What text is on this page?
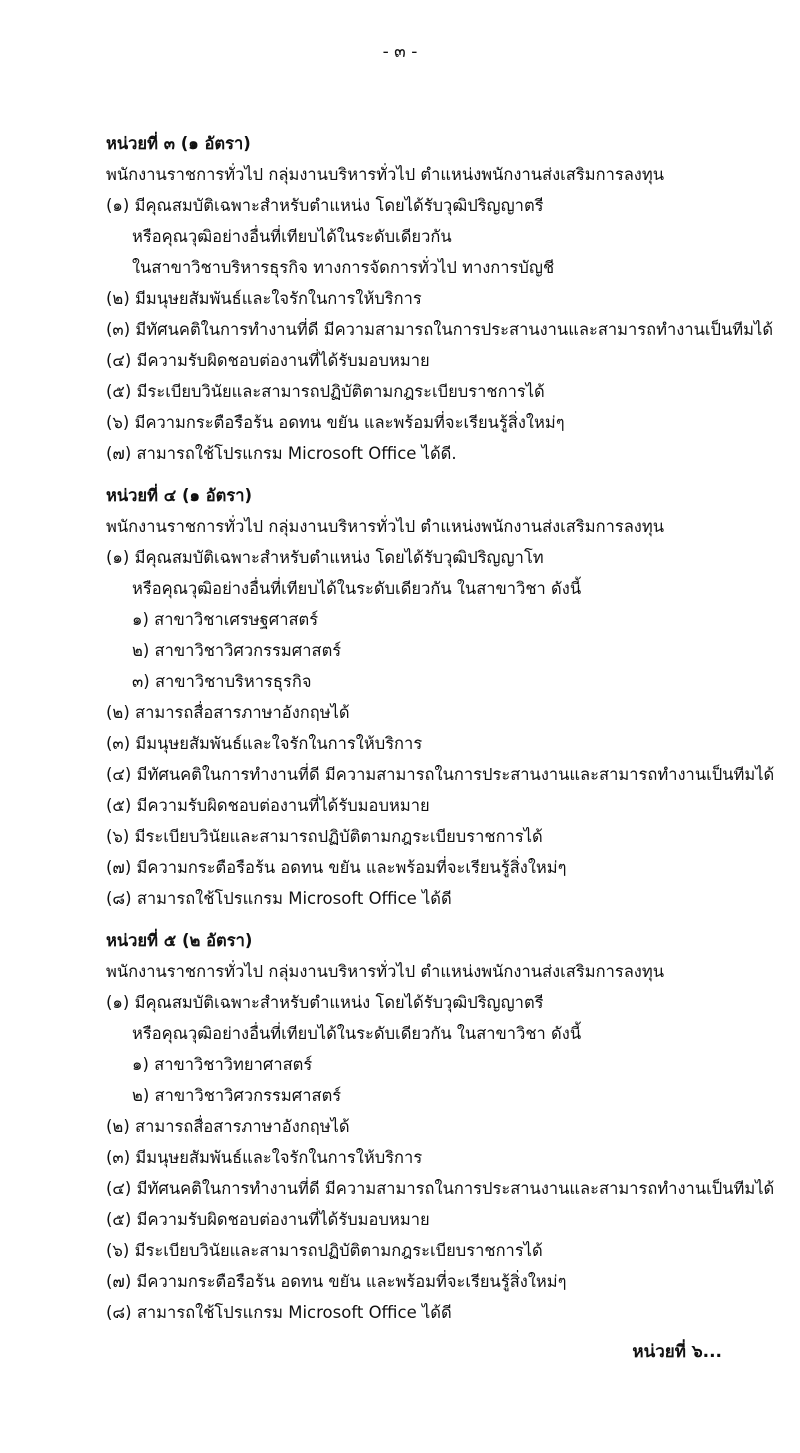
- ๓ -
หน่วยที่ ๓ (๑ อัตรา)
พนักงานราชการทั่วไป กลุ่มงานบริหารทั่วไป ตำแหน่งพนักงานส่งเสริมการลงทุน
(๑) มีคุณสมบัติเฉพาะสำหรับตำแหน่ง โดยได้รับวุฒิปริญญาตรี
หรือคุณวุฒิอย่างอื่นที่เทียบได้ในระดับเดียวกัน
ในสาขาวิชาบริหารธุรกิจ ทางการจัดการทั่วไป ทางการบัญชี
(๒) มีมนุษยสัมพันธ์และใจรักในการให้บริการ
(๓) มีทัศนคติในการทำงานที่ดี มีความสามารถในการประสานงานและสามารถทำงานเป็นทีมได้
(๔) มีความรับผิดชอบต่องานที่ได้รับมอบหมาย
(๕) มีระเบียบวินัยและสามารถปฏิบัติตามกฎระเบียบราชการได้
(๖) มีความกระตือรือร้น อดทน ขยัน และพร้อมที่จะเรียนรู้สิ่งใหม่ๆ
(๗) สามารถใช้โปรแกรม Microsoft Office ได้ดี.
หน่วยที่ ๔ (๑ อัตรา)
พนักงานราชการทั่วไป กลุ่มงานบริหารทั่วไป ตำแหน่งพนักงานส่งเสริมการลงทุน
(๑) มีคุณสมบัติเฉพาะสำหรับตำแหน่ง โดยได้รับวุฒิปริญญาโท
หรือคุณวุฒิอย่างอื่นที่เทียบได้ในระดับเดียวกัน ในสาขาวิชา ดังนี้
๑) สาขาวิชาเศรษฐศาสตร์
๒) สาขาวิชาวิศวกรรมศาสตร์
๓) สาขาวิชาบริหารธุรกิจ
(๒) สามารถสื่อสารภาษาอังกฤษได้
(๓) มีมนุษยสัมพันธ์และใจรักในการให้บริการ
(๔) มีทัศนคติในการทำงานที่ดี มีความสามารถในการประสานงานและสามารถทำงานเป็นทีมได้
(๕) มีความรับผิดชอบต่องานที่ได้รับมอบหมาย
(๖) มีระเบียบวินัยและสามารถปฏิบัติตามกฎระเบียบราชการได้
(๗) มีความกระตือรือร้น อดทน ขยัน และพร้อมที่จะเรียนรู้สิ่งใหม่ๆ
(๘) สามารถใช้โปรแกรม Microsoft Office ได้ดี
หน่วยที่ ๕ (๒ อัตรา)
พนักงานราชการทั่วไป กลุ่มงานบริหารทั่วไป ตำแหน่งพนักงานส่งเสริมการลงทุน
(๑) มีคุณสมบัติเฉพาะสำหรับตำแหน่ง โดยได้รับวุฒิปริญญาตรี
หรือคุณวุฒิอย่างอื่นที่เทียบได้ในระดับเดียวกัน ในสาขาวิชา ดังนี้
๑) สาขาวิชาวิทยาศาสตร์
๒) สาขาวิชาวิศวกรรมศาสตร์
(๒) สามารถสื่อสารภาษาอังกฤษได้
(๓) มีมนุษยสัมพันธ์และใจรักในการให้บริการ
(๔) มีทัศนคติในการทำงานที่ดี มีความสามารถในการประสานงานและสามารถทำงานเป็นทีมได้
(๕) มีความรับผิดชอบต่องานที่ได้รับมอบหมาย
(๖) มีระเบียบวินัยและสามารถปฏิบัติตามกฎระเบียบราชการได้
(๗) มีความกระตือรือร้น อดทน ขยัน และพร้อมที่จะเรียนรู้สิ่งใหม่ๆ
(๘) สามารถใช้โปรแกรม Microsoft Office ได้ดี
หน่วยที่ ๖...
